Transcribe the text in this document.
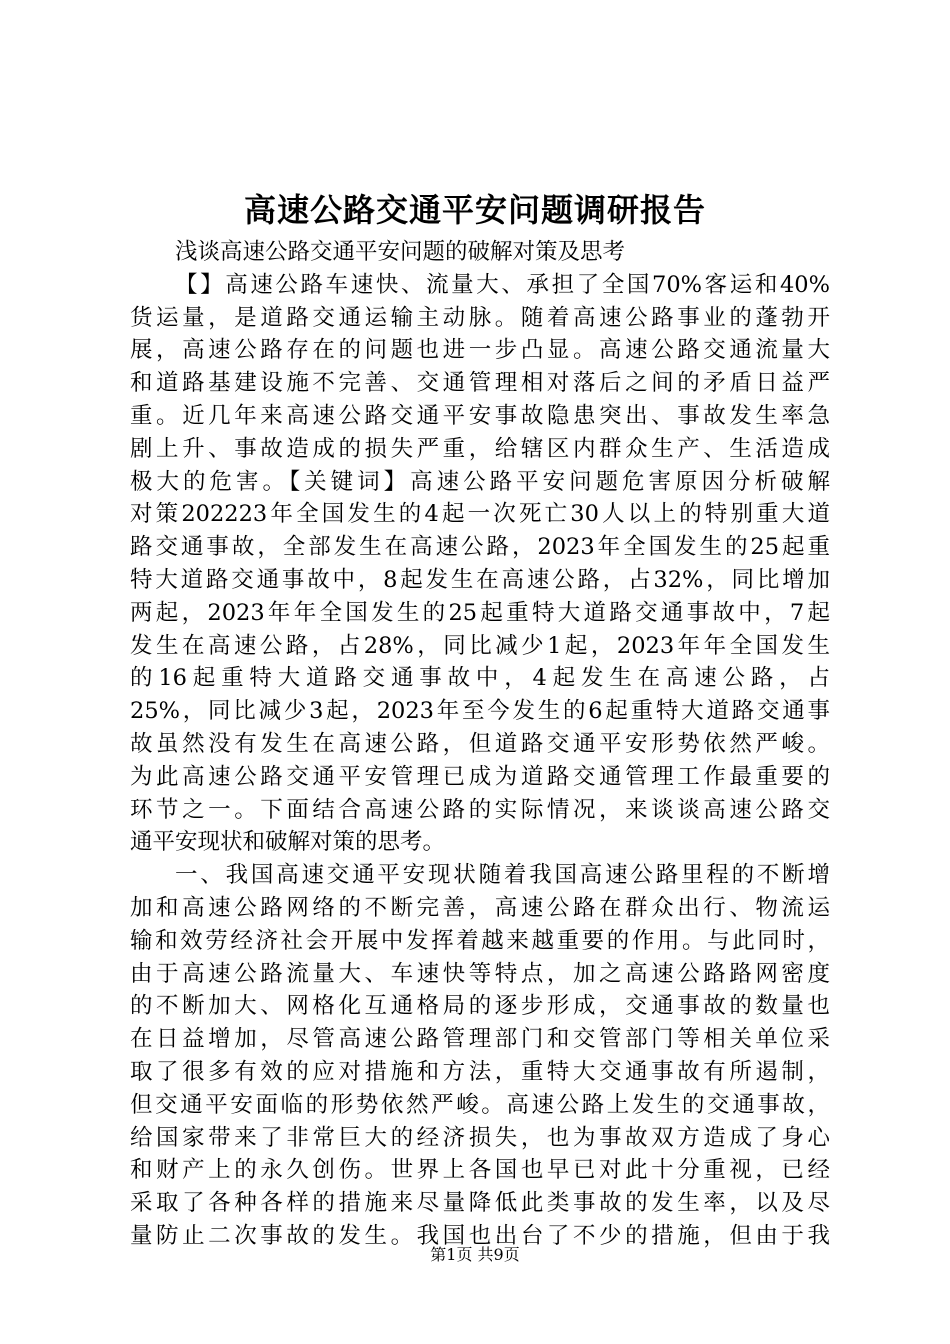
高速公路交通平安问题调研报告
浅谈高速公路交通平安问题的破解对策及思考
【】高速公路车速快、流量大、承担了全国70%客运和40%
货运量，是道路交通运输主动脉。随着高速公路事业的蓬勃开
展，高速公路存在的问题也进一步凸显。高速公路交通流量大
和道路基建设施不完善、交通管理相对落后之间的矛盾日益严
重。近几年来高速公路交通平安事故隐患突出、事故发生率急
剧上升、事故造成的损失严重，给辖区内群众生产、生活造成
极大的危害。【关键词】高速公路平安问题危害原因分析破解
对策202223年全国发生的4起一次死亡30人以上的特别重大道
路交通事故，全部发生在高速公路，2023年全国发生的25起重
特大道路交通事故中，8起发生在高速公路，占32%，同比增加
两起，2023年年全国发生的25起重特大道路交通事故中，7起
发生在高速公路，占28%，同比减少1起，2023年年全国发生
的16起重特大道路交通事故中，4起发生在高速公路，占
25%，同比减少3起，2023年至今发生的6起重特大道路交通事
故虽然没有发生在高速公路，但道路交通平安形势依然严峻。
为此高速公路交通平安管理已成为道路交通管理工作最重要的
环节之一。下面结合高速公路的实际情况，来谈谈高速公路交
通平安现状和破解对策的思考。
一、我国高速交通平安现状随着我国高速公路里程的不断增
加和高速公路网络的不断完善，高速公路在群众出行、物流运
输和效劳经济社会开展中发挥着越来越重要的作用。与此同时，
由于高速公路流量大、车速快等特点，加之高速公路路网密度
的不断加大、网格化互通格局的逐步形成，交通事故的数量也
在日益增加，尽管高速公路管理部门和交管部门等相关单位采
取了很多有效的应对措施和方法，重特大交通事故有所遏制，
但交通平安面临的形势依然严峻。高速公路上发生的交通事故，
给国家带来了非常巨大的经济损失，也为事故双方造成了身心
和财产上的永久创伤。世界上各国也早已对此十分重视，已经
采取了各种各样的措施来尽量降低此类事故的发生率，以及尽
量防止二次事故的发生。我国也出台了不少的措施，但由于我
第1页 共9页
